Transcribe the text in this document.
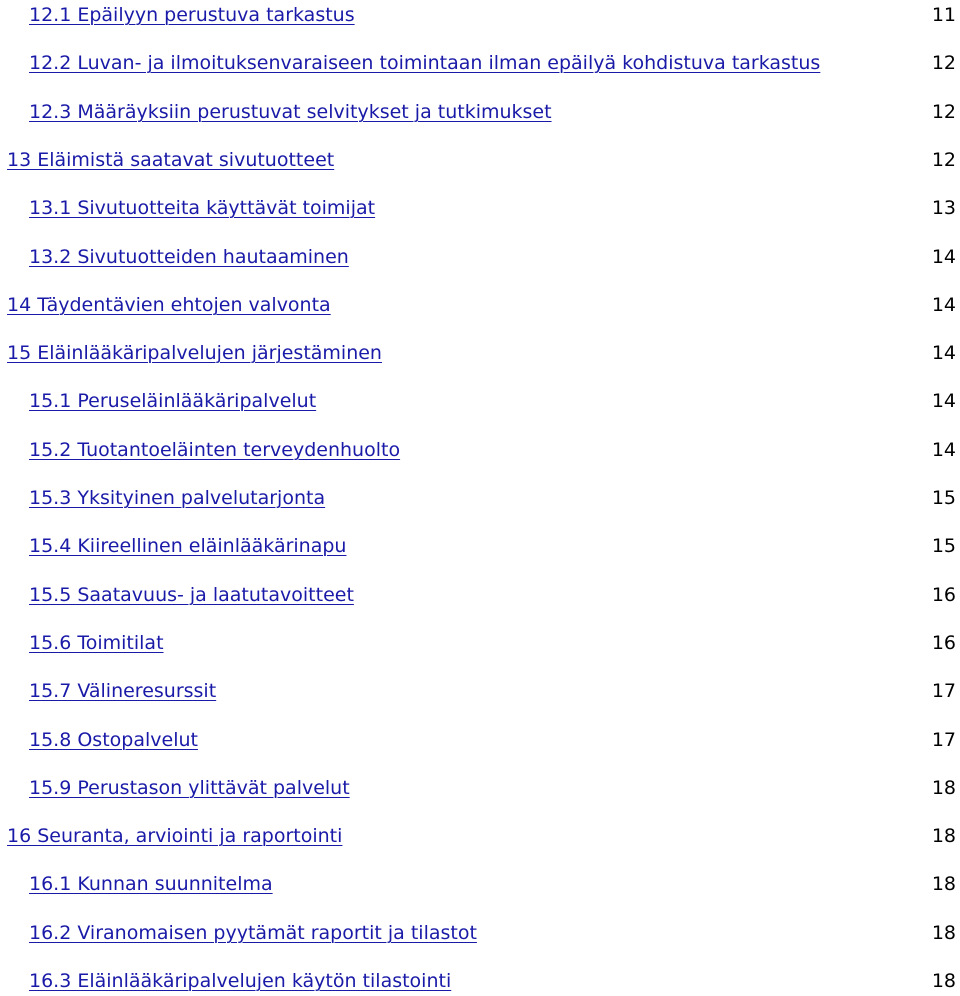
12.1 Epäilyyn perustuva tarkastus	11
12.2 Luvan- ja ilmoituksenvaraiseen toimintaan ilman epäilyä kohdistuva tarkastus	12
12.3 Määräyksiin perustuvat selvitykset ja tutkimukset	12
13 Eläimistä saatavat sivutuotteet	12
13.1 Sivutuotteita käyttävät toimijat	13
13.2 Sivutuotteiden hautaaminen	14
14 Täydentävien ehtojen valvonta	14
15 Eläinlääkäripalvelujen järjestäminen	14
15.1 Peruseläinlääkäripalvelut	14
15.2 Tuotantoeläinten terveydenhuolto	14
15.3 Yksityinen palvelutarjonta	15
15.4 Kiireellinen eläinlääkärinapu	15
15.5 Saatavuus- ja laatutavoitteet	16
15.6 Toimitilat	16
15.7 Välineresurssit	17
15.8 Ostopalvelut	17
15.9 Perustason ylittävät palvelut	18
16 Seuranta, arviointi ja raportointi	18
16.1 Kunnan suunnitelma	18
16.2 Viranomaisen pyytämät raportit ja tilastot	18
16.3 Eläinlääkäripalvelujen käytön tilastointi	18
